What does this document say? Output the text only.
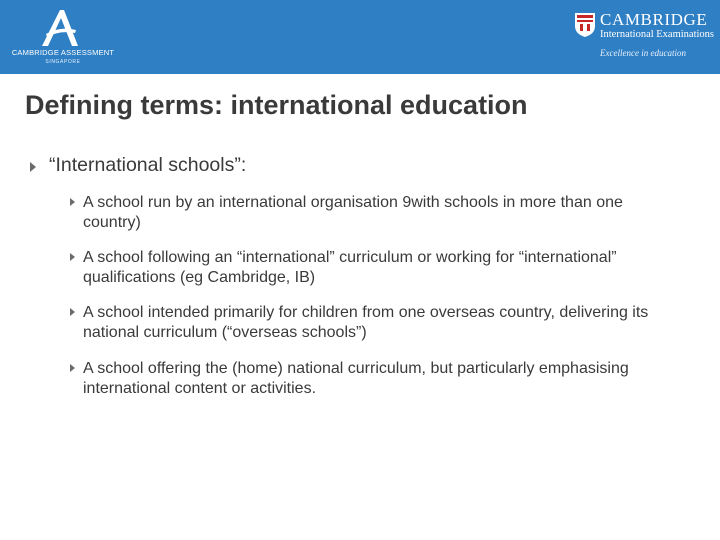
CAMBRIDGE ASSESSMENT
SINGAPORE
CAMBRIDGE
International Examinations
Excellence in education
Defining terms: international education
“International schools”:
A school run by an international organisation 9with schools in more than one country)
A school following an “international” curriculum or working for “international” qualifications (eg Cambridge, IB)
A school intended primarily for children from one overseas country, delivering its national curriculum (“overseas schools”)
A school offering the (home) national curriculum, but particularly emphasising international content or activities.
